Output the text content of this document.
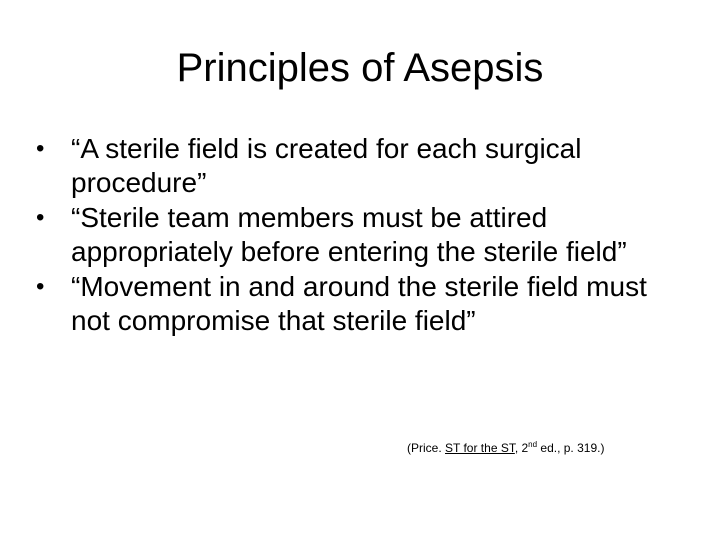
Principles of Asepsis
• “A sterile field is created for each surgical procedure”
• “Sterile team members must be attired appropriately before entering the sterile field”
• “Movement in and around the sterile field must not compromise that sterile field”
(Price. ST for the ST, 2nd ed., p. 319.)
